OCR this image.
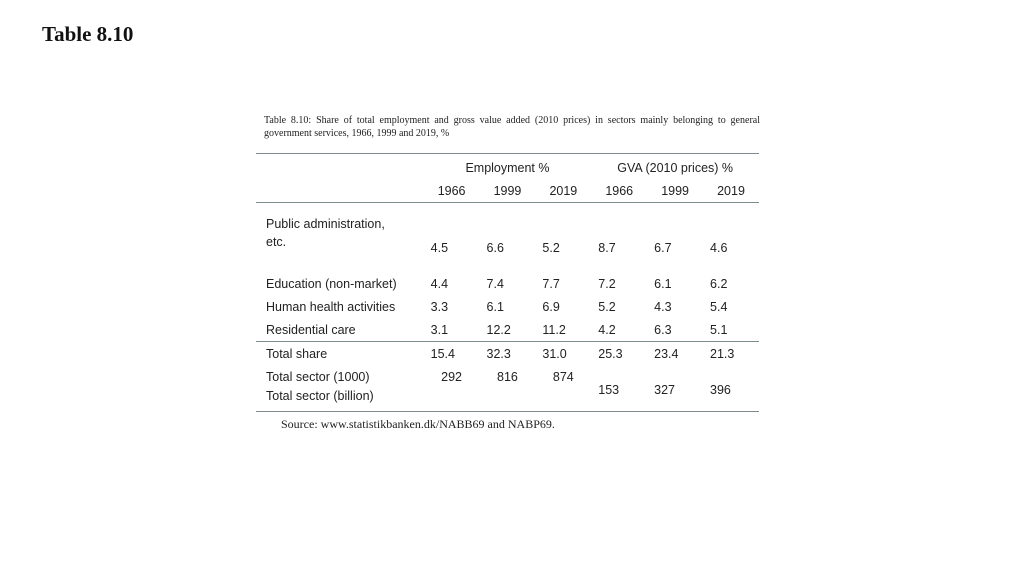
Table 8.10
Table 8.10: Share of total employment and gross value added (2010 prices) in sectors mainly belonging to general government services, 1966, 1999 and 2019, %
	Employment %			GVA (2010 prices) %		
	1966	1999	2019	1966	1999	2019
Public administration,
etc.	4.5	6.6	5.2	8.7	6.7	4.6

Education (non-market)	4.4	7.4	7.7	7.2	6.1	6.2
Human health activities	3.3	6.1	6.9	5.2	4.3	5.4
Residential care	3.1	12.2	11.2	4.2	6.3	5.1
Total share	15.4	32.3	31.0	25.3	23.4	21.3
Total sector (1000)	292	816	874			
Total sector (billion)				153	327	396
Source: www.statistikbanken.dk/NABB69 and NABP69.
